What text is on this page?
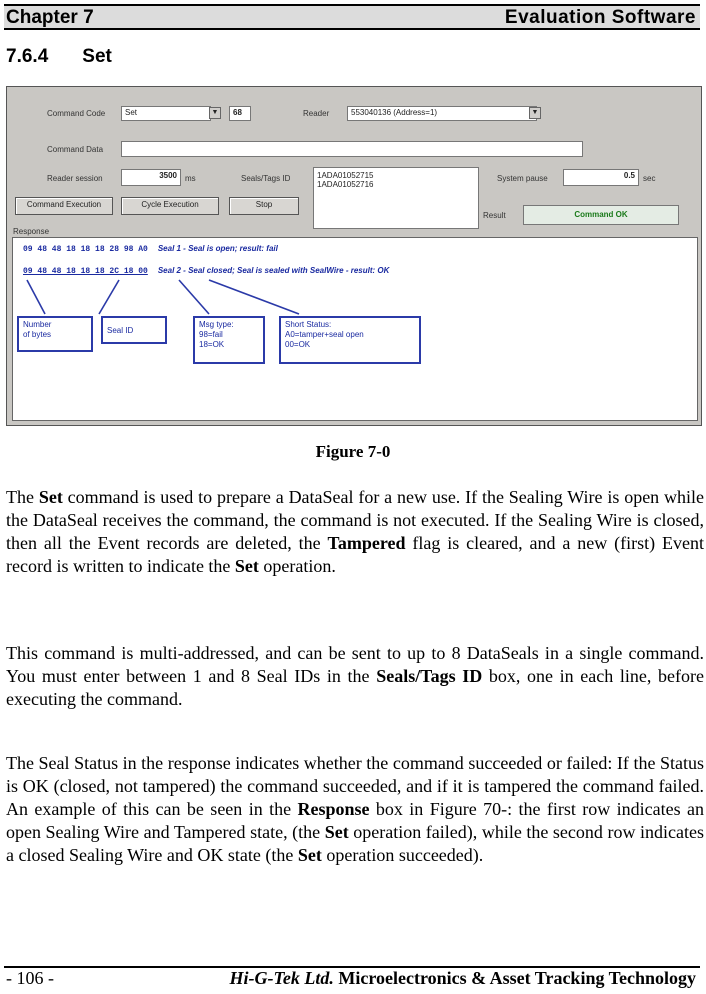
Chapter 7	Evaluation Software
7.6.4 Set
Command Code	Set	▼	68	Reader	553040136 (Address=1)	▼
Command Data
Reader session	3500	ms	Seals/Tags ID	1ADA01052715
1ADA01052716
System pause	0.5	sec
Command Execution	Cycle Execution	Stop
Result	Command OK
Response
09 48 48 18 18 18 28 98 A0 Seal 1 - Seal is open; result: fail
09 48 48 18 18 18 2C 18 00 Seal 2 - Seal closed; Seal is sealed with SealWire - result: OK
Number
of bytes	Seal ID
Msg type:
98=fail
18=OK
Short Status:
A0=tamper+seal open
00=OK
Figure 7-0

The Set command is used to prepare a DataSeal for a new use. If the Sealing Wire is open while the DataSeal receives the command, the command is not executed. If the Sealing Wire is closed, then all the Event records are deleted, the Tampered flag is cleared, and a new (first) Event record is written to indicate the Set operation.

This command is multi-addressed, and can be sent to up to 8 DataSeals in a single command. You must enter between 1 and 8 Seal IDs in the Seals/Tags ID box, one in each line, before executing the command.

The Seal Status in the response indicates whether the command succeeded or failed: If the Status is OK (closed, not tampered) the command succeeded, and if it is tampered the command failed. An example of this can be seen in the Response box in Figure 70-: the first row indicates an open Sealing Wire and Tampered state, (the Set operation failed), while the second row indicates a closed Sealing Wire and OK state (the Set operation succeeded).

- 106 -	Hi-G-Tek Ltd. Microelectronics & Asset Tracking Technology
